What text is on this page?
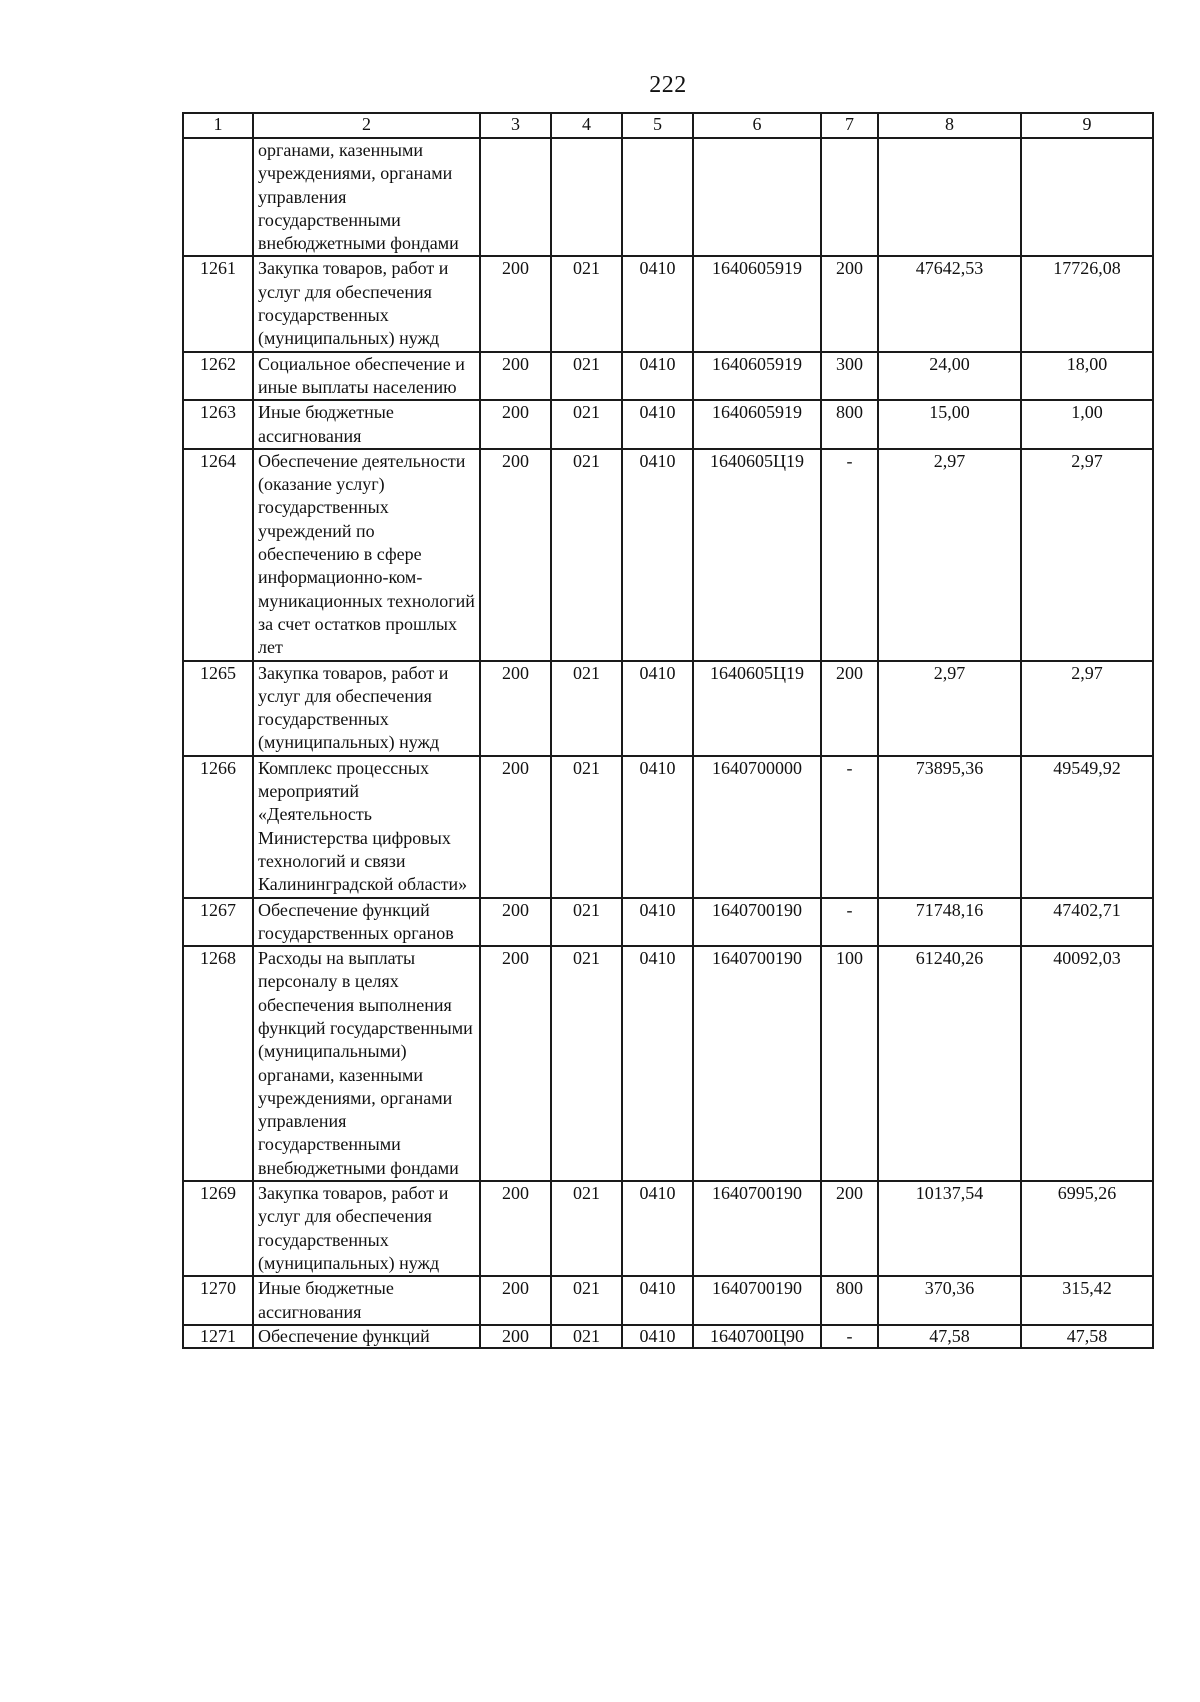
222
1	2	3	4	5	6	7	8	9
	органами, казенными учреждениями, органами управления государственными внебюджетными фондами							
1261	Закупка товаров, работ и услуг для обеспечения государственных (муниципальных) нужд	200	021	0410	1640605919	200	47642,53	17726,08
1262	Социальное обеспечение и иные выплаты населению	200	021	0410	1640605919	300	24,00	18,00
1263	Иные бюджетные ассигнования	200	021	0410	1640605919	800	15,00	1,00
1264	Обеспечение деятельности (оказание услуг) государственных учреждений по обеспечению в сфере информационно-ком-муникационных технологий за счет остатков прошлых лет	200	021	0410	1640605Ц19	-	2,97	2,97
1265	Закупка товаров, работ и услуг для обеспечения государственных (муниципальных) нужд	200	021	0410	1640605Ц19	200	2,97	2,97
1266	Комплекс процессных мероприятий «Деятельность Министерства цифровых технологий и связи Калининградской области»	200	021	0410	1640700000	-	73895,36	49549,92
1267	Обеспечение функций государственных органов	200	021	0410	1640700190	-	71748,16	47402,71
1268	Расходы на выплаты персоналу в целях обеспечения выполнения функций государственными (муниципальными) органами, казенными учреждениями, органами управления государственными внебюджетными фондами	200	021	0410	1640700190	100	61240,26	40092,03
1269	Закупка товаров, работ и услуг для обеспечения государственных (муниципальных) нужд	200	021	0410	1640700190	200	10137,54	6995,26
1270	Иные бюджетные ассигнования	200	021	0410	1640700190	800	370,36	315,42
1271	Обеспечение функций	200	021	0410	1640700Ц90	-	47,58	47,58
